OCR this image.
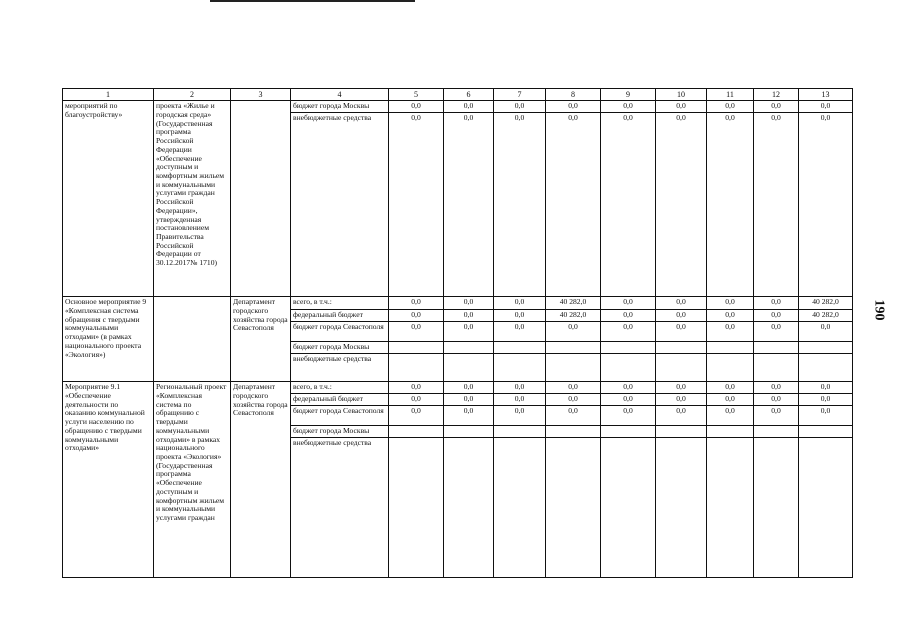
190
1	2	3	4	5	6	7	8	9	10	11	12	13
мероприятий по благоустройству»	проекта «Жилье и городская среда» (Государственная программа Российской Федерации «Обеспечение доступным и комфортным жильем и коммунальными услугами граждан Российской Федерации», утвержденная постановлением Правительства Российской Федерации от 30.12.2017№ 1710)		бюджет города Москвы	0,0	0,0	0,0	0,0	0,0	0,0	0,0	0,0	0,0
			внебюджетные средства	0,0	0,0	0,0	0,0	0,0	0,0	0,0	0,0	0,0
Основное мероприятие 9 «Комплексная система обращения с твердыми коммунальными отходами» (в рамках национального проекта «Экология»)		Департамент городского хозяйства города Севастополя	всего, в т.ч.:	0,0	0,0	0,0	40 282,0	0,0	0,0	0,0	0,0	40 282,0
			федеральный бюджет	0,0	0,0	0,0	40 282,0	0,0	0,0	0,0	0,0	40 282,0
			бюджет города Севастополя	0,0	0,0	0,0	0,0	0,0	0,0	0,0	0,0	0,0
			бюджет города Москвы									
			внебюджетные средства									
Мероприятие 9.1 «Обеспечение деятельности по оказанию коммунальной услуги населению по обращению с твердыми коммунальными отходами»	Региональный проект «Комплексная система по обращению с твердыми коммунальными отходами» в рамках национального проекта «Экология» (Государственная программа «Обеспечение доступным и комфортным жильем и коммунальными услугами граждан	Департамент городского хозяйства города Севастополя	всего, в т.ч.:	0,0	0,0	0,0	0,0	0,0	0,0	0,0	0,0	0,0
			федеральный бюджет	0,0	0,0	0,0	0,0	0,0	0,0	0,0	0,0	0,0
			бюджет города Севастополя	0,0	0,0	0,0	0,0	0,0	0,0	0,0	0,0	0,0
			бюджет города Москвы									
			внебюджетные средства									
